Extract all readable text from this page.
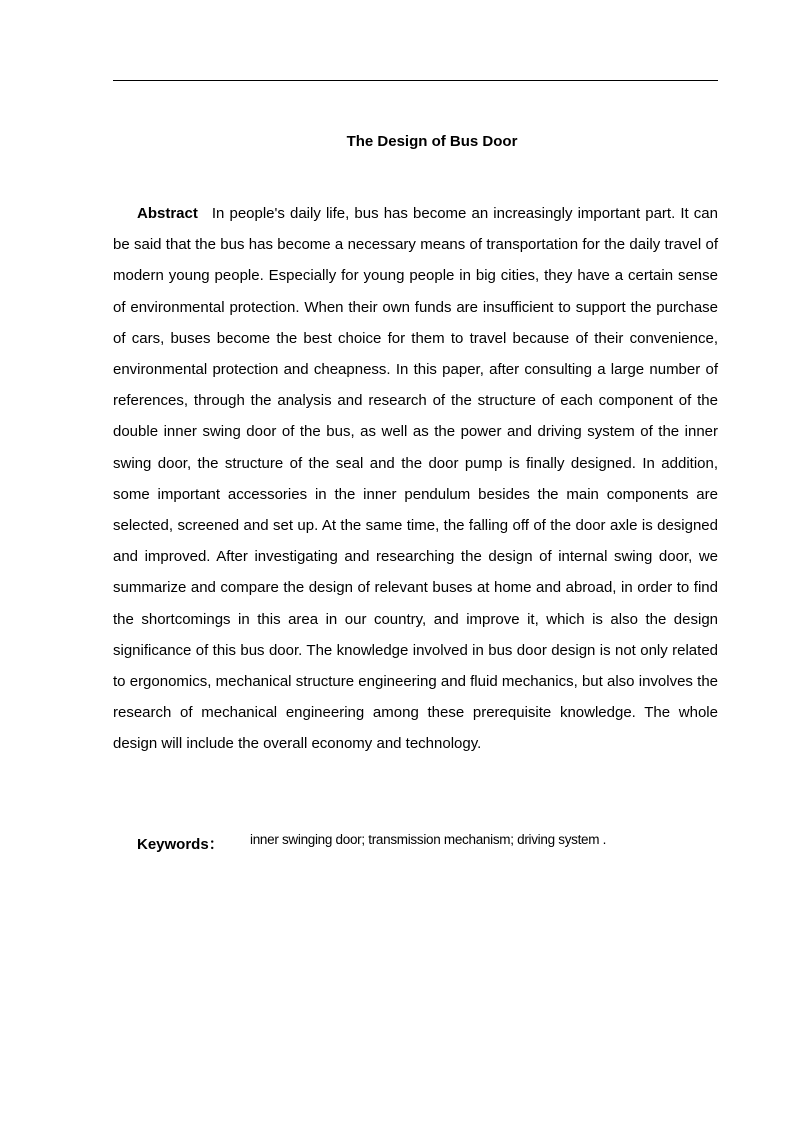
The Design of Bus Door

Abstract In people's daily life, bus has become an increasingly important part. It can be said that the bus has become a necessary means of transportation for the daily travel of modern young people. Especially for young people in big cities, they have a certain sense of environmental protection. When their own funds are insufficient to support the purchase of cars, buses become the best choice for them to travel because of their convenience, environmental protection and cheapness. In this paper, after consulting a large number of references, through the analysis and research of the structure of each component of the double inner swing door of the bus, as well as the power and driving system of the inner swing door, the structure of the seal and the door pump is finally designed. In addition, some important accessories in the inner pendulum besides the main components are selected, screened and set up. At the same time, the falling off of the door axle is designed and improved. After investigating and researching the design of internal swing door, we summarize and compare the design of relevant buses at home and abroad, in order to find the shortcomings in this area in our country, and improve it, which is also the design significance of this bus door. The knowledge involved in bus door design is not only related to ergonomics, mechanical structure engineering and fluid mechanics, but also involves the research of mechanical engineering among these prerequisite knowledge. The whole design will include the overall economy and technology.

Keywords： inner swinging door; transmission mechanism; driving system .
